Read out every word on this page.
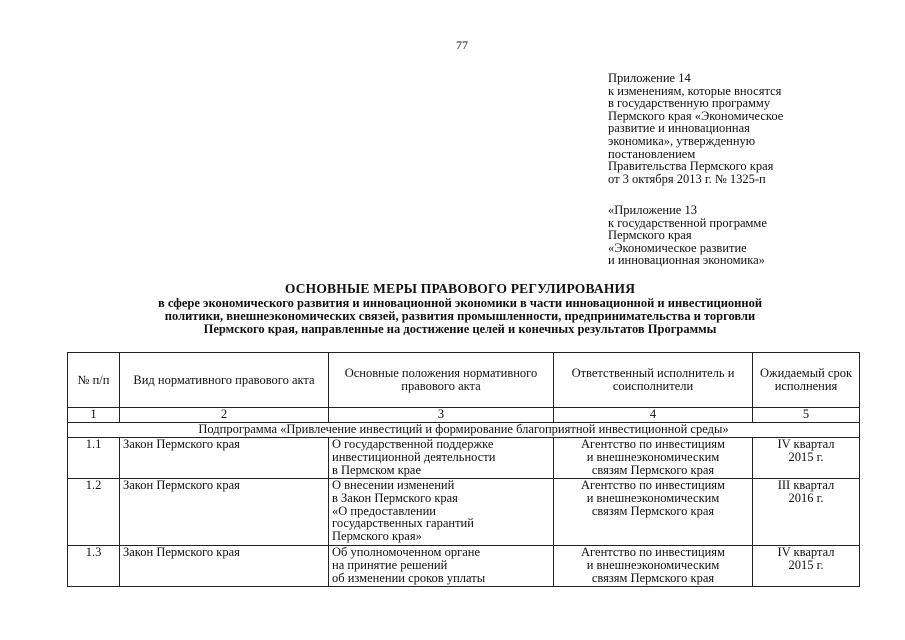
77
Приложение 14
к изменениям, которые вносятся
в государственную программу
Пермского края «Экономическое
развитие и инновационная
экономика», утвержденную
постановлением
Правительства Пермского края
от 3 октября 2013 г. № 1325-п
«Приложение 13
к государственной программе
Пермского края
«Экономическое развитие
и инновационная экономика»
ОСНОВНЫЕ МЕРЫ ПРАВОВОГО РЕГУЛИРОВАНИЯ
в сфере экономического развития и инновационной экономики в части инновационной и инвестиционной
политики, внешнеэкономических связей, развития промышленности, предпринимательства и торговли
Пермского края, направленные на достижение целей и конечных результатов Программы
№ п/п	Вид нормативного правового акта	Основные положения нормативного правового акта	Ответственный исполнитель и соисполнители	Ожидаемый срок исполнения
1	2	3	4	5
Подпрограмма «Привлечение инвестиций и формирование благоприятной инвестиционной среды»				
1.1	Закон Пермского края	О государственной поддержке
инвестиционной деятельности
в Пермском крае	Агентство по инвестициям
и внешнеэкономическим
связям Пермского края	IV квартал
2015 г.

1.2	Закон Пермского края	О внесении изменений
в Закон Пермского края
«О предоставлении
государственных гарантий
Пермского края»	Агентство по инвестициям
и внешнеэкономическим
связям Пермского края	III квартал
2016 г.

1.3	Закон Пермского края	Об уполномоченном органе
на принятие решений
об изменении сроков уплаты	Агентство по инвестициям
и внешнеэкономическим
связям Пермского края	IV квартал
2015 г.
